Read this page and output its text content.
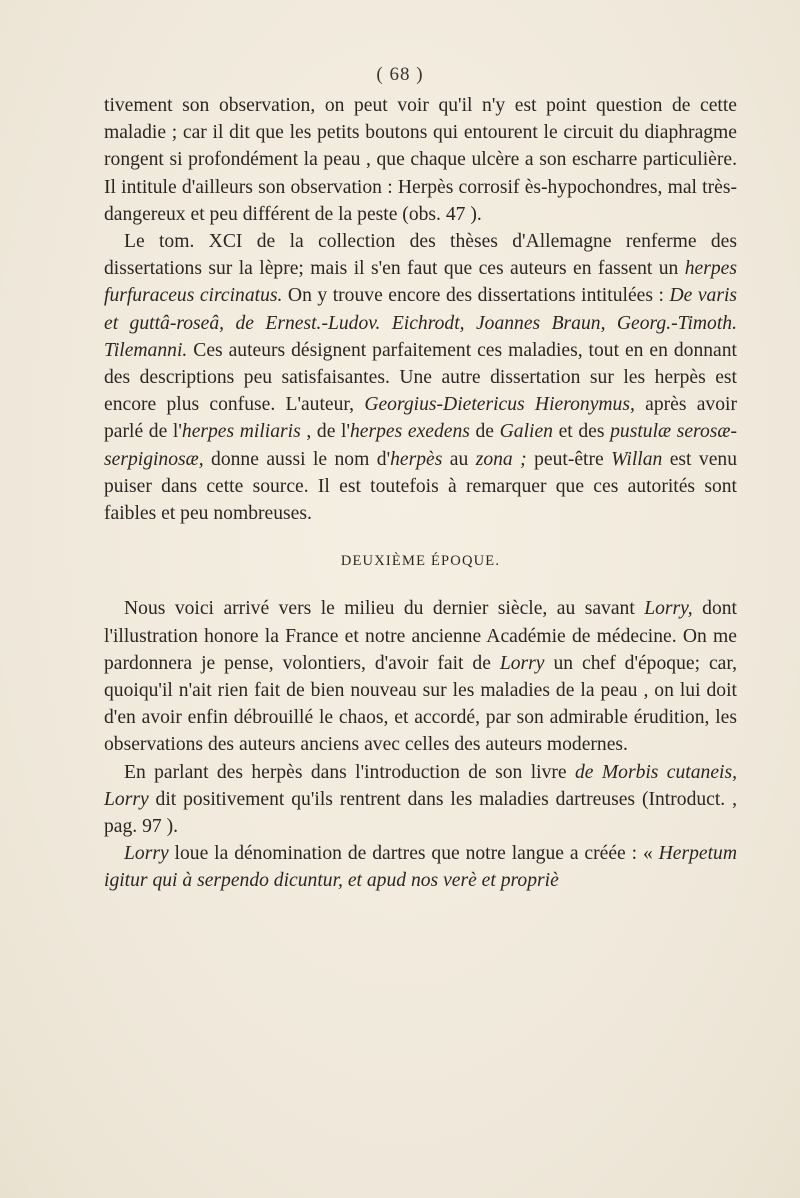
( 68 )

tivement son observation, on peut voir qu'il n'y est point question de cette maladie ; car il dit que les petits boutons qui entourent le circuit du diaphragme rongent si profondément la peau , que chaque ulcère a son escharre particulière. Il intitule d'ailleurs son observation : Herpès corrosif ès-hypochondres, mal très-dangereux et peu différent de la peste (obs. 47 ).

Le tom. XCI de la collection des thèses d'Allemagne renferme des dissertations sur la lèpre; mais il s'en faut que ces auteurs en fassent un herpes furfuraceus circinatus. On y trouve encore des dissertations intitulées : De varis et guttâ-roseâ, de Ernest.-Ludov. Eichrodt, Joannes Braun, Georg.-Timoth. Tilemanni. Ces auteurs désignent parfaitement ces maladies, tout en en donnant des descriptions peu satisfaisantes. Une autre dissertation sur les herpès est encore plus confuse. L'auteur, Georgius-Dietericus Hieronymus, après avoir parlé de l'herpes miliaris , de l'herpes exedens de Galien et des pustulæ serosæ-serpiginosæ, donne aussi le nom d'herpès au zona ; peut-être Willan est venu puiser dans cette source. Il est toutefois à remarquer que ces autorités sont faibles et peu nombreuses.

DEUXIÈME ÉPOQUE.

Nous voici arrivé vers le milieu du dernier siècle, au savant Lorry, dont l'illustration honore la France et notre ancienne Académie de médecine. On me pardonnera je pense, volontiers, d'avoir fait de Lorry un chef d'époque; car, quoiqu'il n'ait rien fait de bien nouveau sur les maladies de la peau , on lui doit d'en avoir enfin débrouillé le chaos, et accordé, par son admirable érudition, les observations des auteurs anciens avec celles des auteurs modernes.

En parlant des herpès dans l'introduction de son livre de Morbis cutaneis, Lorry dit positivement qu'ils rentrent dans les maladies dartreuses (Introduct. , pag. 97 ).

Lorry loue la dénomination de dartres que notre langue a créée : « Herpetum igitur qui à serpendo dicuntur, et apud nos verè et propriè
